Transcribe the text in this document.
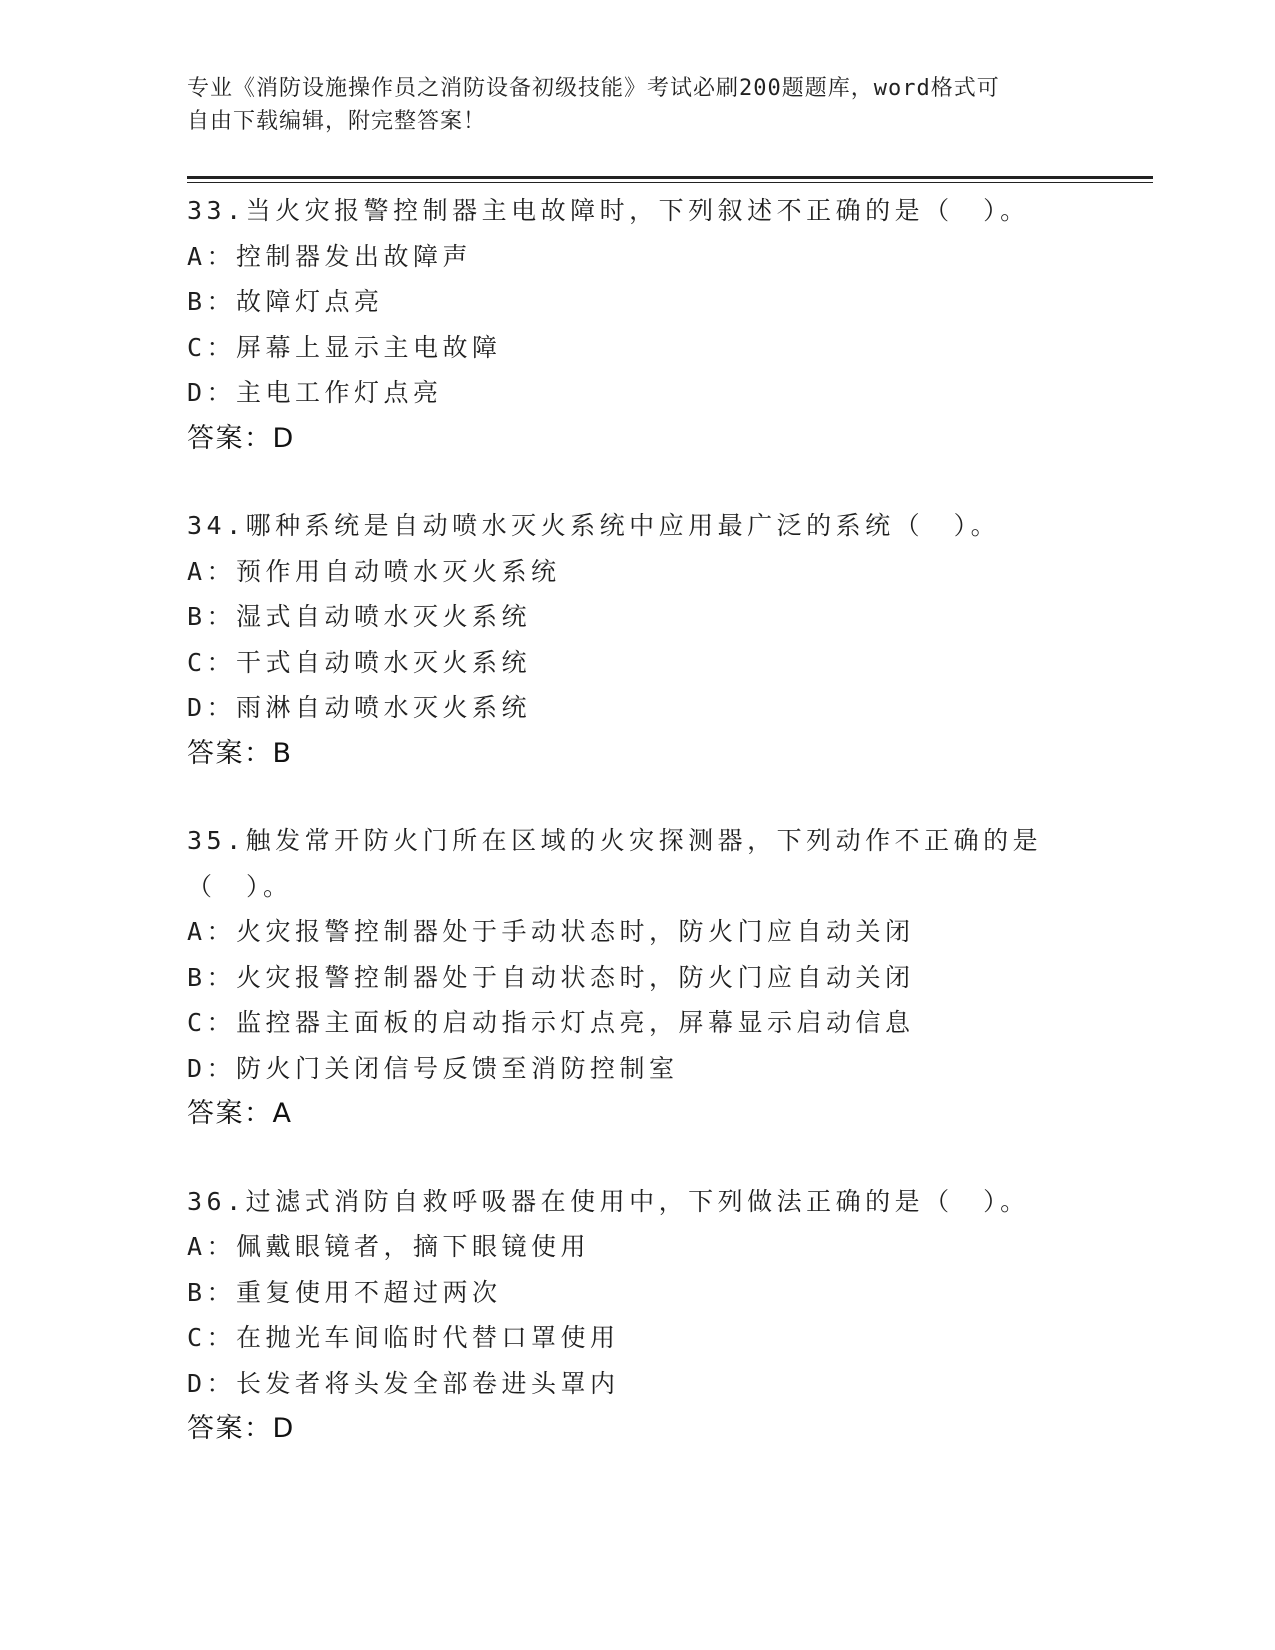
专业《消防设施操作员之消防设备初级技能》考试必刷200题题库，word格式可
自由下载编辑，附完整答案！
33.当火灾报警控制器主电故障时，下列叙述不正确的是（　）。
A：控制器发出故障声
B：故障灯点亮
C：屏幕上显示主电故障
D：主电工作灯点亮
答案：D
34.哪种系统是自动喷水灭火系统中应用最广泛的系统（　）。
A：预作用自动喷水灭火系统
B：湿式自动喷水灭火系统
C：干式自动喷水灭火系统
D：雨淋自动喷水灭火系统
答案：B
35.触发常开防火门所在区域的火灾探测器，下列动作不正确的是（　）。
A：火灾报警控制器处于手动状态时，防火门应自动关闭
B：火灾报警控制器处于自动状态时，防火门应自动关闭
C：监控器主面板的启动指示灯点亮，屏幕显示启动信息
D：防火门关闭信号反馈至消防控制室
答案：A
36.过滤式消防自救呼吸器在使用中，下列做法正确的是（　）。
A：佩戴眼镜者，摘下眼镜使用
B：重复使用不超过两次
C：在抛光车间临时代替口罩使用
D：长发者将头发全部卷进头罩内
答案：D
